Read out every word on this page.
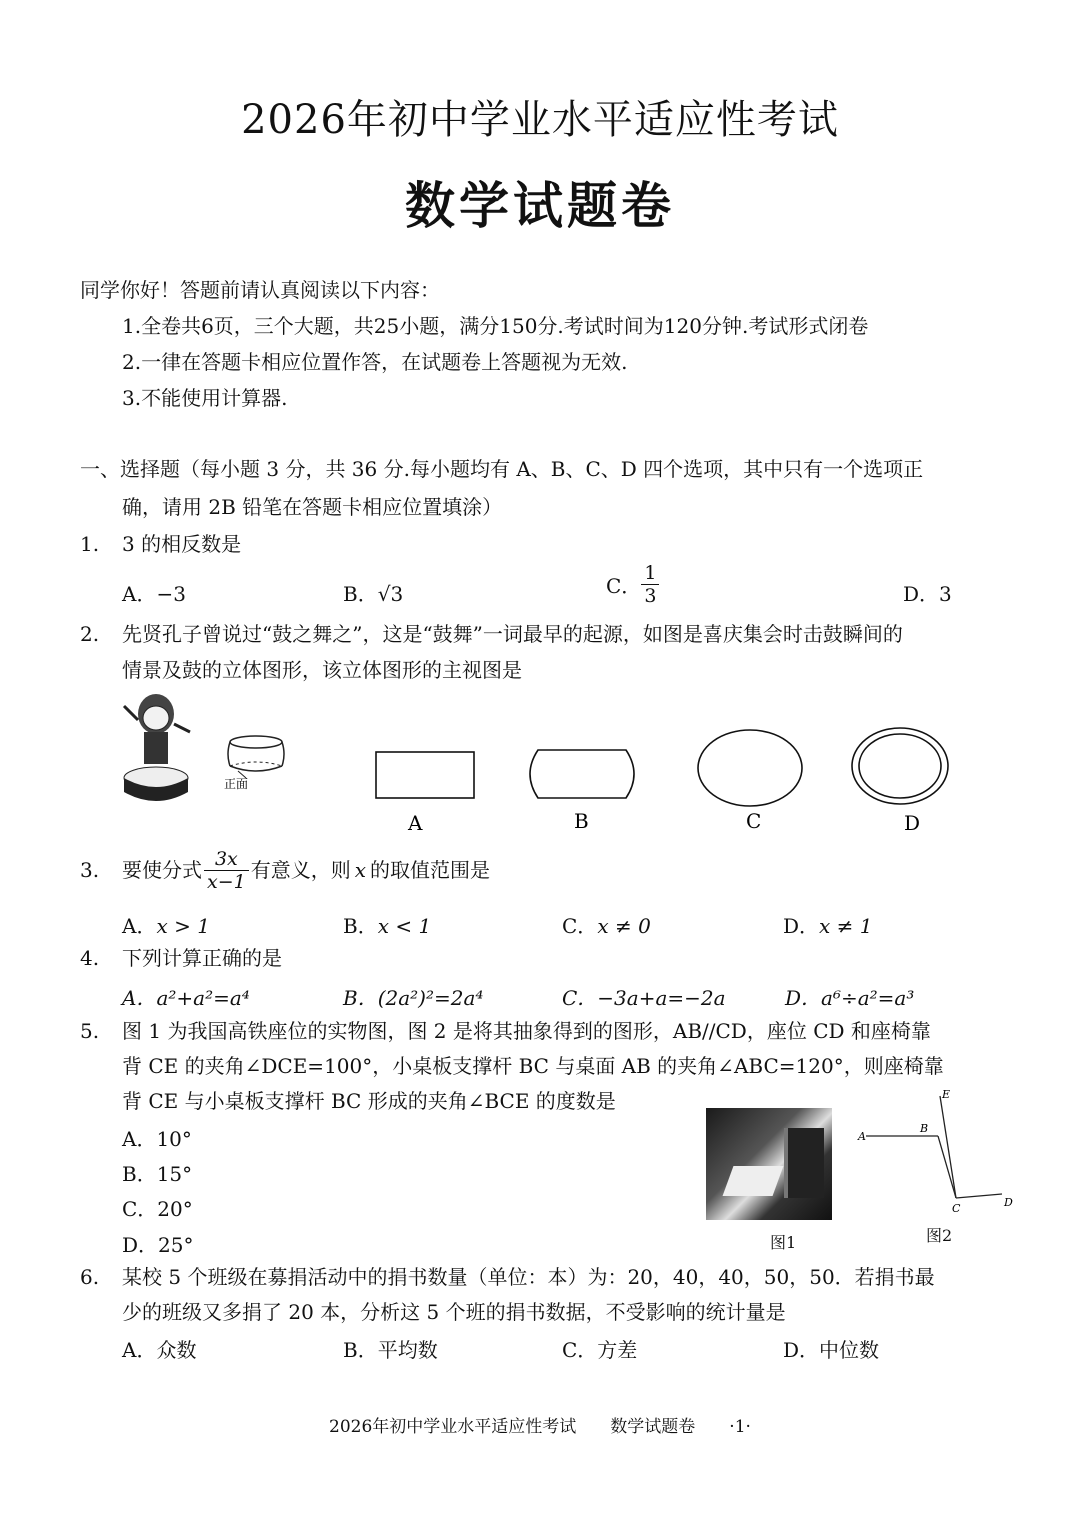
2026年初中学业水平适应性考试
数学试题卷
同学你好！答题前请认真阅读以下内容：
1.全卷共6页，三个大题，共25小题，满分150分.考试时间为120分钟.考试形式闭卷
2.一律在答题卡相应位置作答，在试题卷上答题视为无效.
3.不能使用计算器.
一、选择题（每小题 3 分，共 36 分.每小题均有 A、B、C、D 四个选项，其中只有一个选项正
确，请用 2B 铅笔在答题卡相应位置填涂）
1. 3 的相反数是
A．−3	B．√3	C． $\frac{1}{3}$	D．3
2. 先贤孔子曾说过“鼓之舞之”，这是“鼓舞”一词最早的起源，如图是喜庆集会时击鼓瞬间的
情景及鼓的立体图形，该立体图形的主视图是
正面
A	B	C	D
3. 要使分式 $\frac{3x}{x-1}$ 有意义，则 x 的取值范围是
A．x > 1	B．x < 1	C．x ≠ 0	D．x ≠ 1
4. 下列计算正确的是
A．a²+a²=a⁴	B．(2a²)²=2a⁴	C．−3a+a=−2a	D．a⁶÷a²=a³
5. 图 1 为我国高铁座位的实物图，图 2 是将其抽象得到的图形，AB//CD，座位 CD 和座椅靠
背 CE 的夹角∠DCE=100°，小桌板支撑杆 BC 与桌面 AB 的夹角∠ABC=120°，则座椅靠
背 CE 与小桌板支撑杆 BC 形成的夹角∠BCE 的度数是
A．10°
B．15°
C．20°
D．25°	图1
A
B
C	D
E
图2
6. 某校 5 个班级在募捐活动中的捐书数量（单位：本）为：20，40，40，50，50．若捐书最
少的班级又多捐了 20 本，分析这 5 个班的捐书数据，不受影响的统计量是
A．众数	B．平均数	C．方差	D．中位数
2026年初中学业水平适应性考试　　数学试题卷　　·1·
